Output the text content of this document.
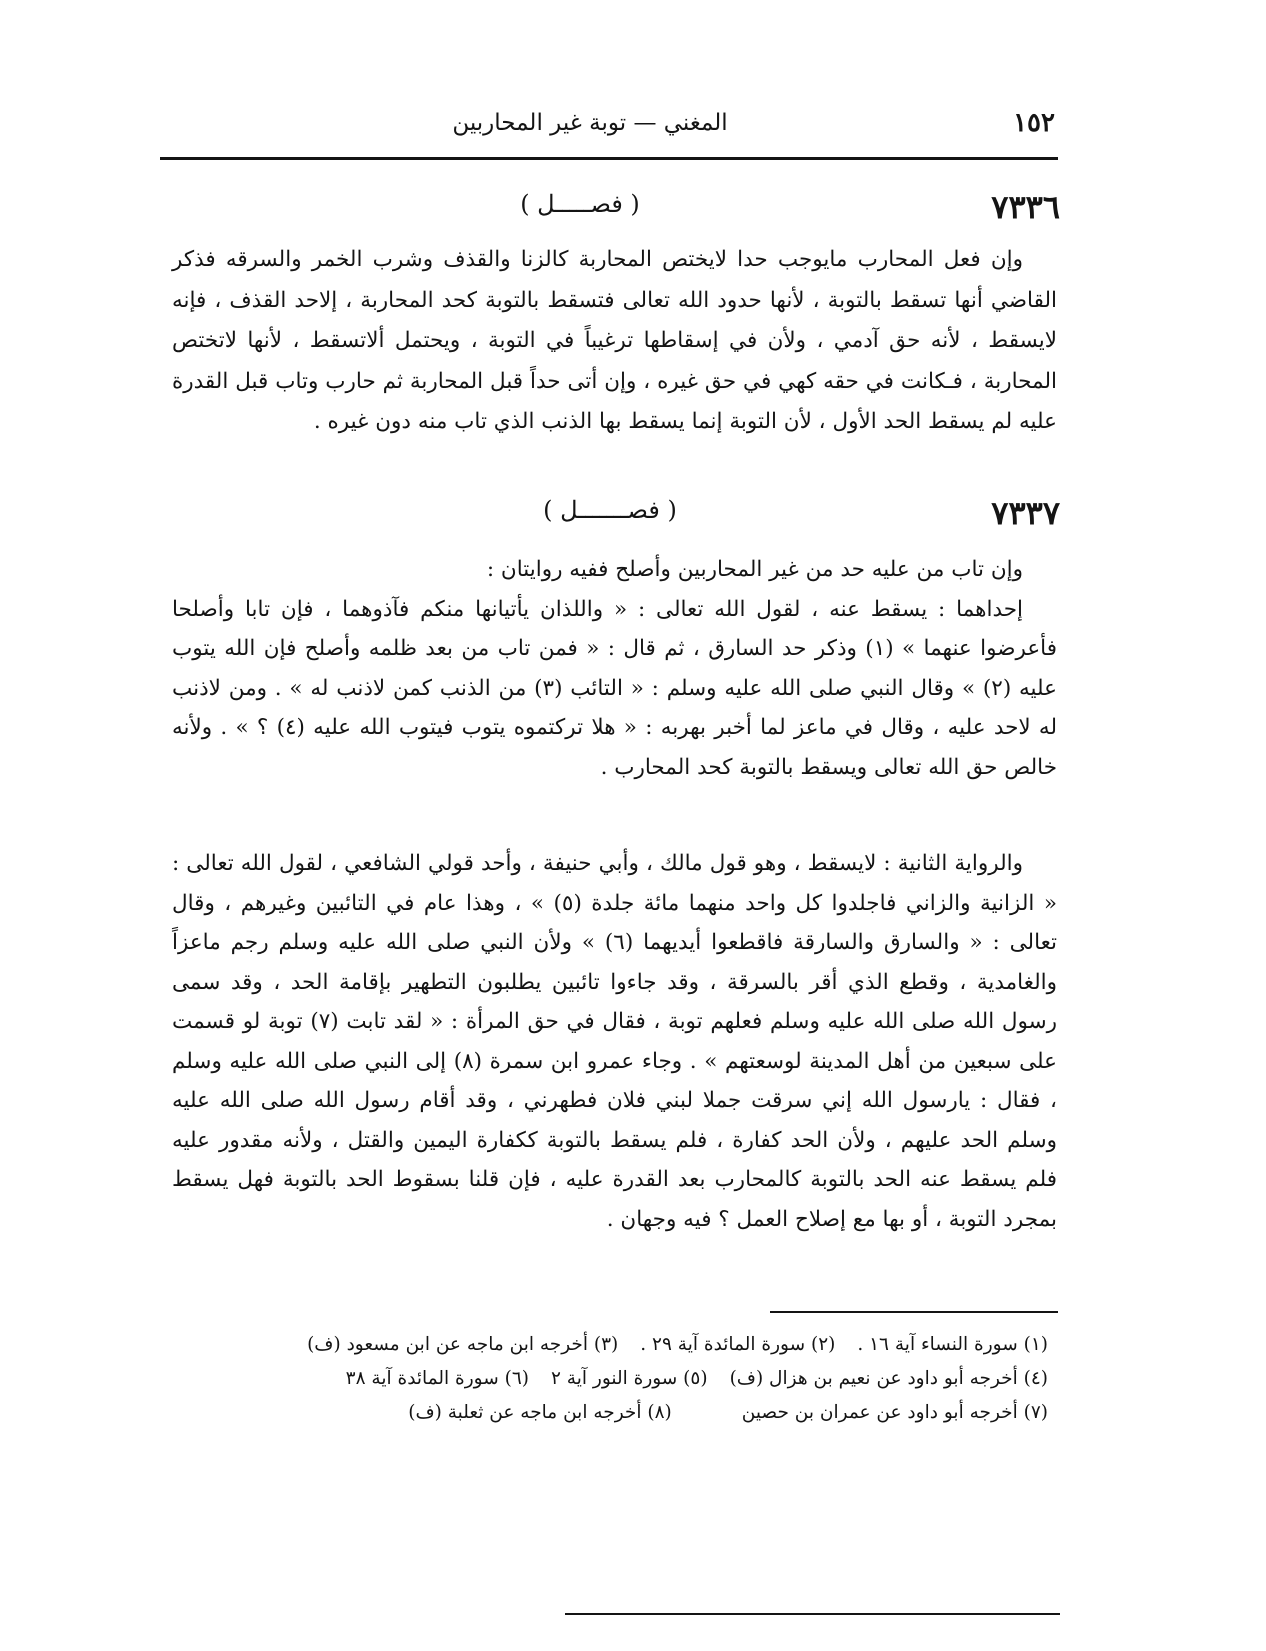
١٥٢
المغني — توبة غير المحاربين
٧٣٣٦
( فصـــــل )

وإن فعل المحارب مايوجب حدا لايختص المحاربة كالزنا والقذف وشرب الخمر والسرقه فذكر القاضي أنها تسقط بالتوبة ، لأنها حدود الله تعالى فتسقط بالتوبة كحد المحاربة ، إلاحد القذف ، فإنه لايسقط ، لأنه حق آدمي ، ولأن في إسقاطها ترغيباً في التوبة ، ويحتمل ألاتسقط ، لأنها لاتختص المحاربة ، فـكانت في حقه كهي في حق غيره ، وإن أتى حداً قبل المحاربة ثم حارب وتاب قبل القدرة عليه لم يسقط الحد الأول ، لأن التوبة إنما يسقط بها الذنب الذي تاب منه دون غيره .

٧٣٣٧
( فصـــــــل )

وإن تاب من عليه حد من غير المحاربين وأصلح ففيه روايتان :

إحداهما : يسقط عنه ، لقول الله تعالى : « واللذان يأتيانها منكم فآذوهما ، فإن تابا وأصلحا فأعرضوا عنهما » (١) وذكر حد السارق ، ثم قال : « فمن تاب من بعد ظلمه وأصلح فإن الله يتوب عليه (٢) » وقال النبي صلى الله عليه وسلم : « التائب (٣) من الذنب كمن لاذنب له » . ومن لاذنب له لاحد عليه ، وقال في ماعز لما أخبر بهربه : « هلا تركتموه يتوب فيتوب الله عليه (٤) ؟ » . ولأنه خالص حق الله تعالى ويسقط بالتوبة كحد المحارب .

والرواية الثانية : لايسقط ، وهو قول مالك ، وأبي حنيفة ، وأحد قولي الشافعي ، لقول الله تعالى : « الزانية والزاني فاجلدوا كل واحد منهما مائة جلدة (٥) » ، وهذا عام في التائبين وغيرهم ، وقال تعالى : « والسارق والسارقة فاقطعوا أيديهما (٦) » ولأن النبي صلى الله عليه وسلم رجم ماعزاً والغامدية ، وقطع الذي أقر بالسرقة ، وقد جاءوا تائبين يطلبون التطهير بإقامة الحد ، وقد سمى رسول الله صلى الله عليه وسلم فعلهم توبة ، فقال في حق المرأة : « لقد تابت (٧) توبة لو قسمت على سبعين من أهل المدينة لوسعتهم » . وجاء عمرو ابن سمرة (٨) إلى النبي صلى الله عليه وسلم ، فقال : يارسول الله إني سرقت جملا لبني فلان فطهرني ، وقد أقام رسول الله صلى الله عليه وسلم الحد عليهم ، ولأن الحد كفارة ، فلم يسقط بالتوبة ككفارة اليمين والقتل ، ولأنه مقدور عليه فلم يسقط عنه الحد بالتوبة كالمحارب بعد القدرة عليه ، فإن قلنا بسقوط الحد بالتوبة فهل يسقط بمجرد التوبة ، أو بها مع إصلاح العمل ؟ فيه وجهان .

(١) سورة النساء آية ١٦ .
(٢) سورة المائدة آية ٢٩ .
(٣) أخرجه ابن ماجه عن ابن مسعود (ف)
(٤) أخرجه أبو داود عن نعيم بن هزال (ف)
(٥) سورة النور آية ٢
(٦) سورة المائدة آية ٣٨
(٧) أخرجه أبو داود عن عمران بن حصين
(٨) أخرجه ابن ماجه عن ثعلبة (ف)
